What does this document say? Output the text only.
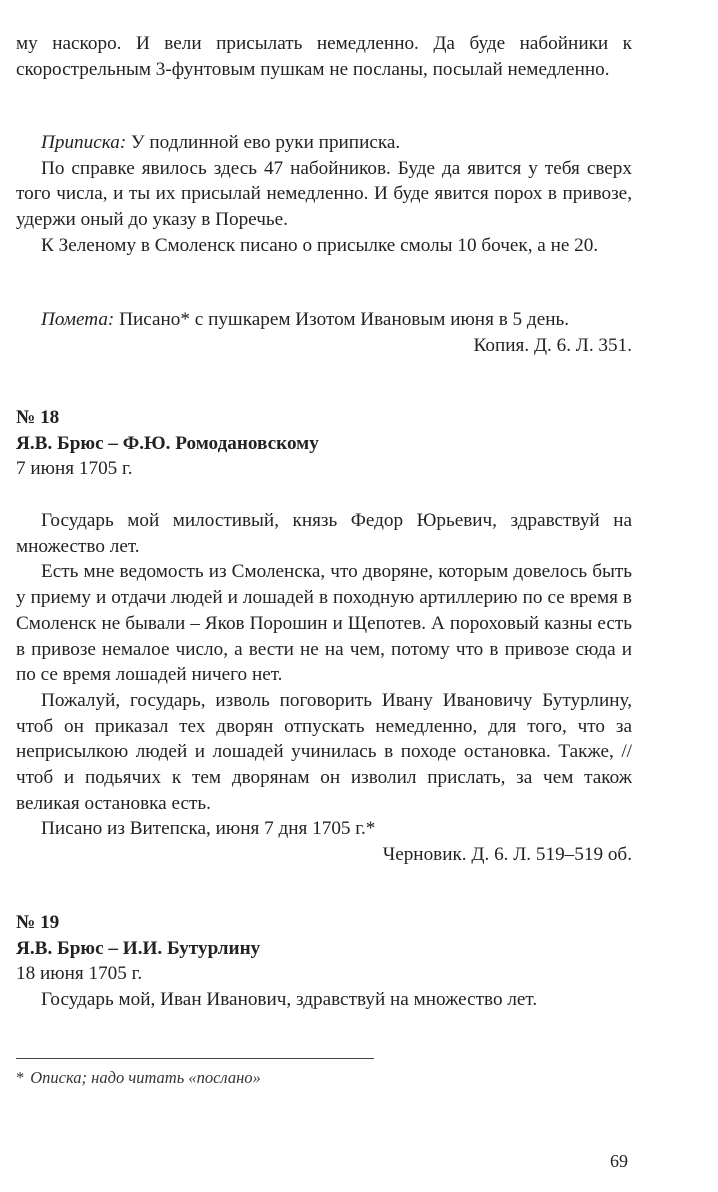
му наскоро. И вели присылать немедленно. Да буде набойники к скорострельным 3-фунтовым пушкам не посланы, посылай немедленно.

Приписка: У подлинной ево руки приписка.

По справке явилось здесь 47 набойников. Буде да явится у тебя сверх того числа, и ты их присылай немедленно. И буде явится порох в привозе, удержи оный до указу в Поречье.

К Зеленому в Смоленск писано о присылке смолы 10 бочек, а не 20.

Помета: Писано* с пушкарем Изотом Ивановым июня в 5 день.

Копия. Д. 6. Л. 351.

№ 18

Я.В. Брюс – Ф.Ю. Ромодановскому

7 июня 1705 г.

Государь мой милостивый, князь Федор Юрьевич, здравствуй на множество лет.

Есть мне ведомость из Смоленска, что дворяне, которым довелось быть у приему и отдачи людей и лошадей в походную артиллерию по се время в Смоленск не бывали – Яков Порошин и Щепотев. А пороховый казны есть в привозе немалое число, а вести не на чем, потому что в привозе сюда и по се время лошадей ничего нет.

Пожалуй, государь, изволь поговорить Ивану Ивановичу Бутурлину, чтоб он приказал тех дворян отпускать немедленно, для того, что за неприсылкою людей и лошадей учинилась в походе остановка. Также, // чтоб и подьячих к тем дворянам он изволил прислать, за чем також великая остановка есть.

Писано из Витепска, июня 7 дня 1705 г.*

Черновик. Д. 6. Л. 519–519 об.

№ 19

Я.В. Брюс – И.И. Бутурлину

18 июня 1705 г.

Государь мой, Иван Иванович, здравствуй на множество лет.

* Описка; надо читать «послано»

69
